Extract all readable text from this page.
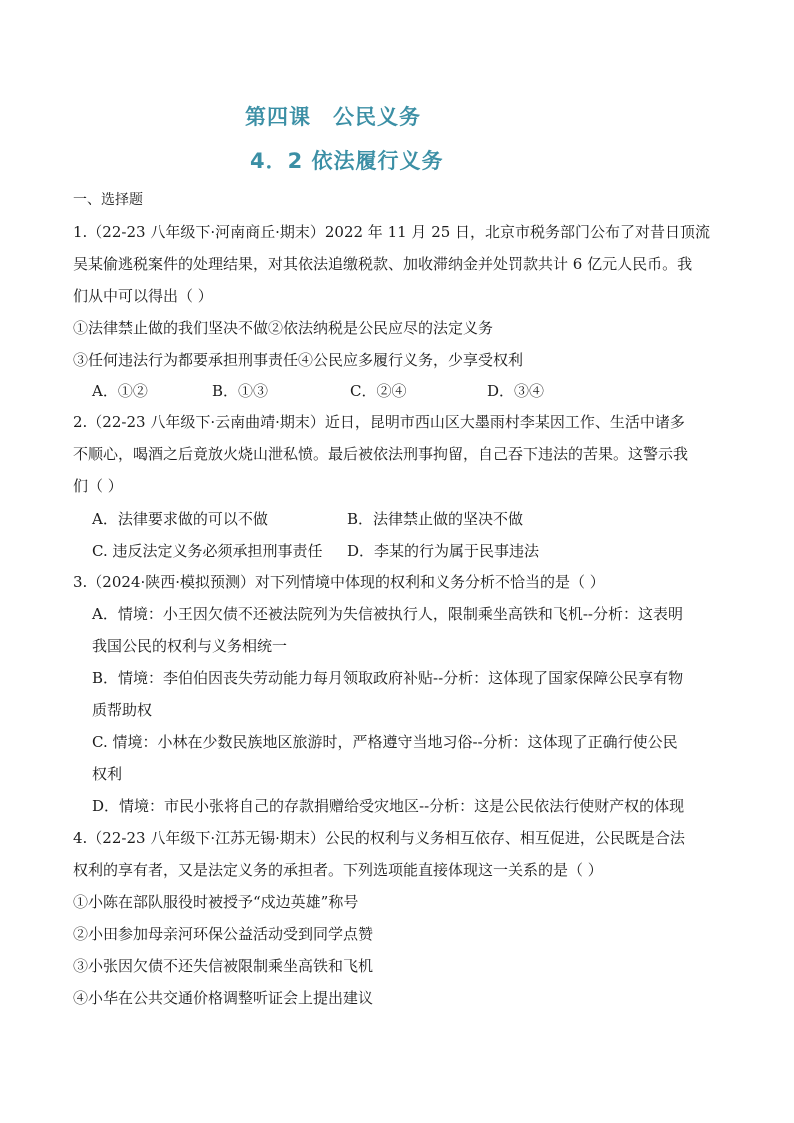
第四课　公民义务
4．2 依法履行义务
一、选择题
1.（22-23 八年级下·河南商丘·期末）2022 年 11 月 25 日，北京市税务部门公布了对昔日顶流
吴某偷逃税案件的处理结果，对其依法追缴税款、加收滞纳金并处罚款共计 6 亿元人民币。我
们从中可以得出（ ）
①法律禁止做的我们坚决不做②依法纳税是公民应尽的法定义务
③任何违法行为都要承担刑事责任④公民应多履行义务，少享受权利
A．①②	B．①③	C．②④	D．③④
2.（22-23 八年级下·云南曲靖·期末）近日，昆明市西山区大墨雨村李某因工作、生活中诸多
不顺心，喝酒之后竟放火烧山泄私愤。最后被依法刑事拘留，自己吞下违法的苦果。这警示我
们（ ）
A．法律要求做的可以不做	B．法律禁止做的坚决不做
C. 违反法定义务必须承担刑事责任 D．李某的行为属于民事违法
3.（2024·陕西·模拟预测）对下列情境中体现的权利和义务分析不恰当的是（ ）
A．情境：小王因欠债不还被法院列为失信被执行人，限制乘坐高铁和飞机--分析：这表明
我国公民的权利与义务相统一
B．情境：李伯伯因丧失劳动能力每月领取政府补贴--分析：这体现了国家保障公民享有物
质帮助权
C. 情境：小林在少数民族地区旅游时，严格遵守当地习俗--分析：这体现了正确行使公民
权利
D．情境：市民小张将自己的存款捐赠给受灾地区--分析：这是公民依法行使财产权的体现
4.（22-23 八年级下·江苏无锡·期末）公民的权利与义务相互依存、相互促进，公民既是合法
权利的享有者，又是法定义务的承担者。下列选项能直接体现这一关系的是（ ）
①小陈在部队服役时被授予“戍边英雄”称号
②小田参加母亲河环保公益活动受到同学点赞
③小张因欠债不还失信被限制乘坐高铁和飞机
④小华在公共交通价格调整听证会上提出建议
